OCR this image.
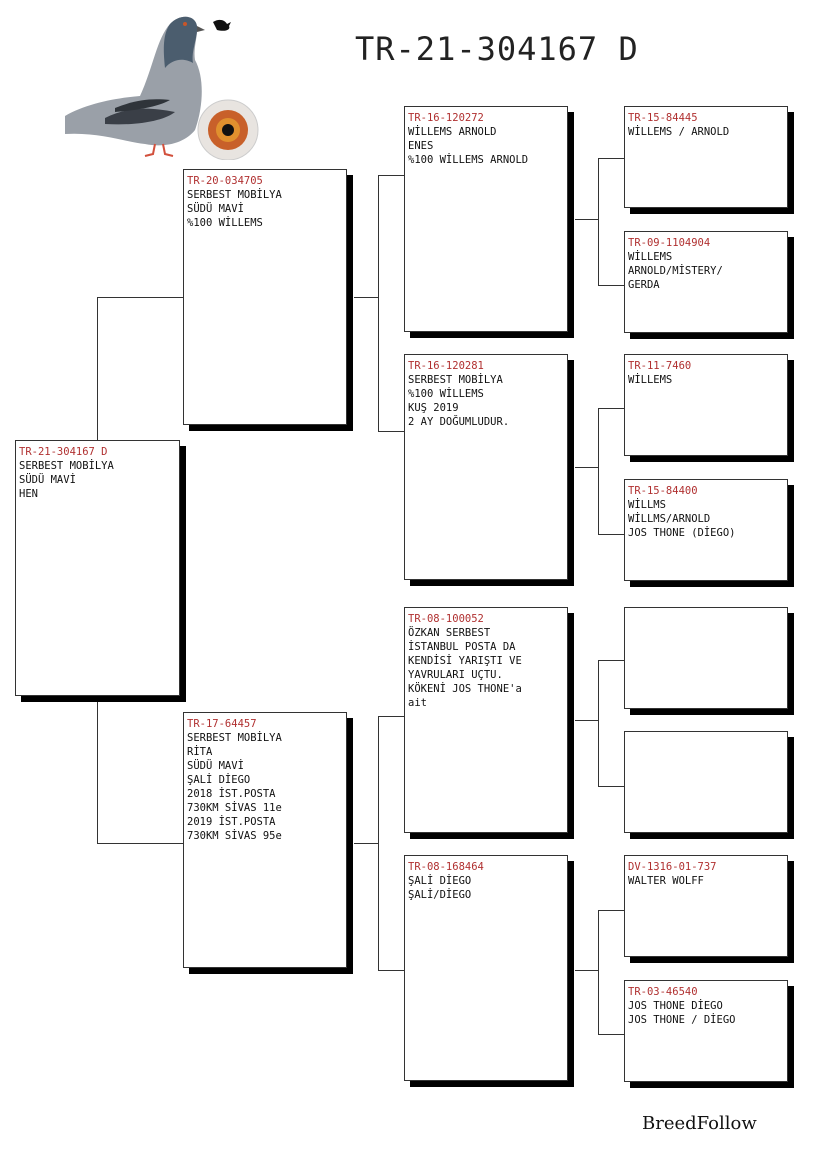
TR-21-304167 D
TR-21-304167 D
SERBEST MOBİLYA
SÜDÜ MAVİ
HEN
TR-20-034705
SERBEST MOBİLYA
SÜDÜ MAVİ
%100 WİLLEMS
TR-17-64457
SERBEST MOBİLYA
RİTA
SÜDÜ MAVİ
ŞALİ DİEGO
2018 İST.POSTA
730KM SİVAS 11e
2019 İST.POSTA
730KM SİVAS 95e
TR-16-120272
WİLLEMS ARNOLD
ENES
%100 WİLLEMS ARNOLD
TR-16-120281
SERBEST MOBİLYA
%100 WİLLEMS
KUŞ 2019
2 AY DOĞUMLUDUR.
TR-08-100052
ÖZKAN SERBEST
İSTANBUL POSTA DA
KENDİSİ YARIŞTI VE
YAVRULARI UÇTU.
KÖKENİ JOS THONE'a
ait
TR-08-168464
ŞALİ DİEGO
ŞALİ/DİEGO
TR-15-84445
WİLLEMS / ARNOLD
TR-09-1104904
WİLLEMS
ARNOLD/MİSTERY/
GERDA
TR-11-7460
WİLLEMS
TR-15-84400
WİLLMS
WİLLMS/ARNOLD
JOS THONE (DİEGO)
DV-1316-01-737
WALTER WOLFF
TR-03-46540
JOS THONE DİEGO
JOS THONE / DİEGO
BreedFollow
